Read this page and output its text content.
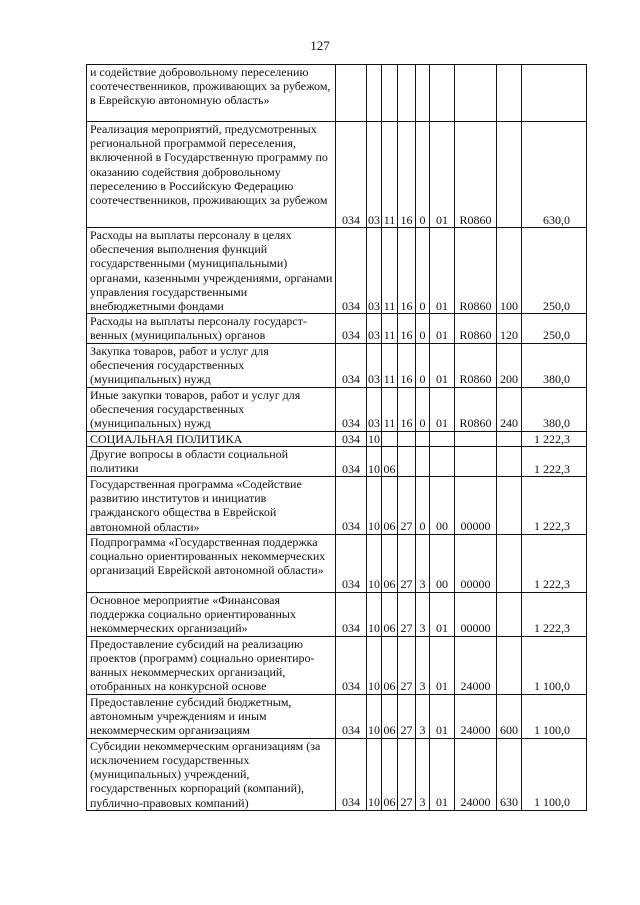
127
и содействие добровольному переселению соотечественников, проживающих за рубежом, в Еврейскую автономную область»									
Реализация мероприятий, предусмотренных региональной программой переселения, включенной в Государственную программу по оказанию содействия добровольному переселению в Российскую Федерацию соотечественников, проживающих за рубежом	034	03	11	16	0	01	R0860		630,0
Расходы на выплаты персоналу в целях обеспечения выполнения функций государственными (муниципальными) органами, казенными учреждениями, органами управления государственными внебюджетными фондами	034	03	11	16	0	01	R0860	100	250,0
Расходы на выплаты персоналу государственных (муниципальных) органов	034	03	11	16	0	01	R0860	120	250,0
Закупка товаров, работ и услуг для обеспечения государственных (муниципальных) нужд	034	03	11	16	0	01	R0860	200	380,0
Иные закупки товаров, работ и услуг для обеспечения государственных (муниципальных) нужд	034	03	11	16	0	01	R0860	240	380,0
СОЦИАЛЬНАЯ ПОЛИТИКА	034	10							1 222,3
Другие вопросы в области социальной политики	034	10	06						1 222,3
Государственная программа «Содействие развитию институтов и инициатив гражданского общества в Еврейской автономной области»	034	10	06	27	0	00	00000		1 222,3
Подпрограмма «Государственная поддержка социально ориентированных некоммерческих организаций Еврейской автономной области»	034	10	06	27	3	00	00000		1 222,3
Основное мероприятие «Финансовая поддержка социально ориентированных некоммерческих организаций»	034	10	06	27	3	01	00000		1 222,3
Предоставление субсидий на реализацию проектов (программ) социально ориентированных некоммерческих организаций, отобранных на конкурсной основе	034	10	06	27	3	01	24000		1 100,0
Предоставление субсидий бюджетным, автономным учреждениям и иным некоммерческим организациям	034	10	06	27	3	01	24000	600	1 100,0
Субсидии некоммерческим организациям (за исключением государственных (муниципальных) учреждений, государственных корпораций (компаний), публично-правовых компаний)	034	10	06	27	3	01	24000	630	1 100,0
